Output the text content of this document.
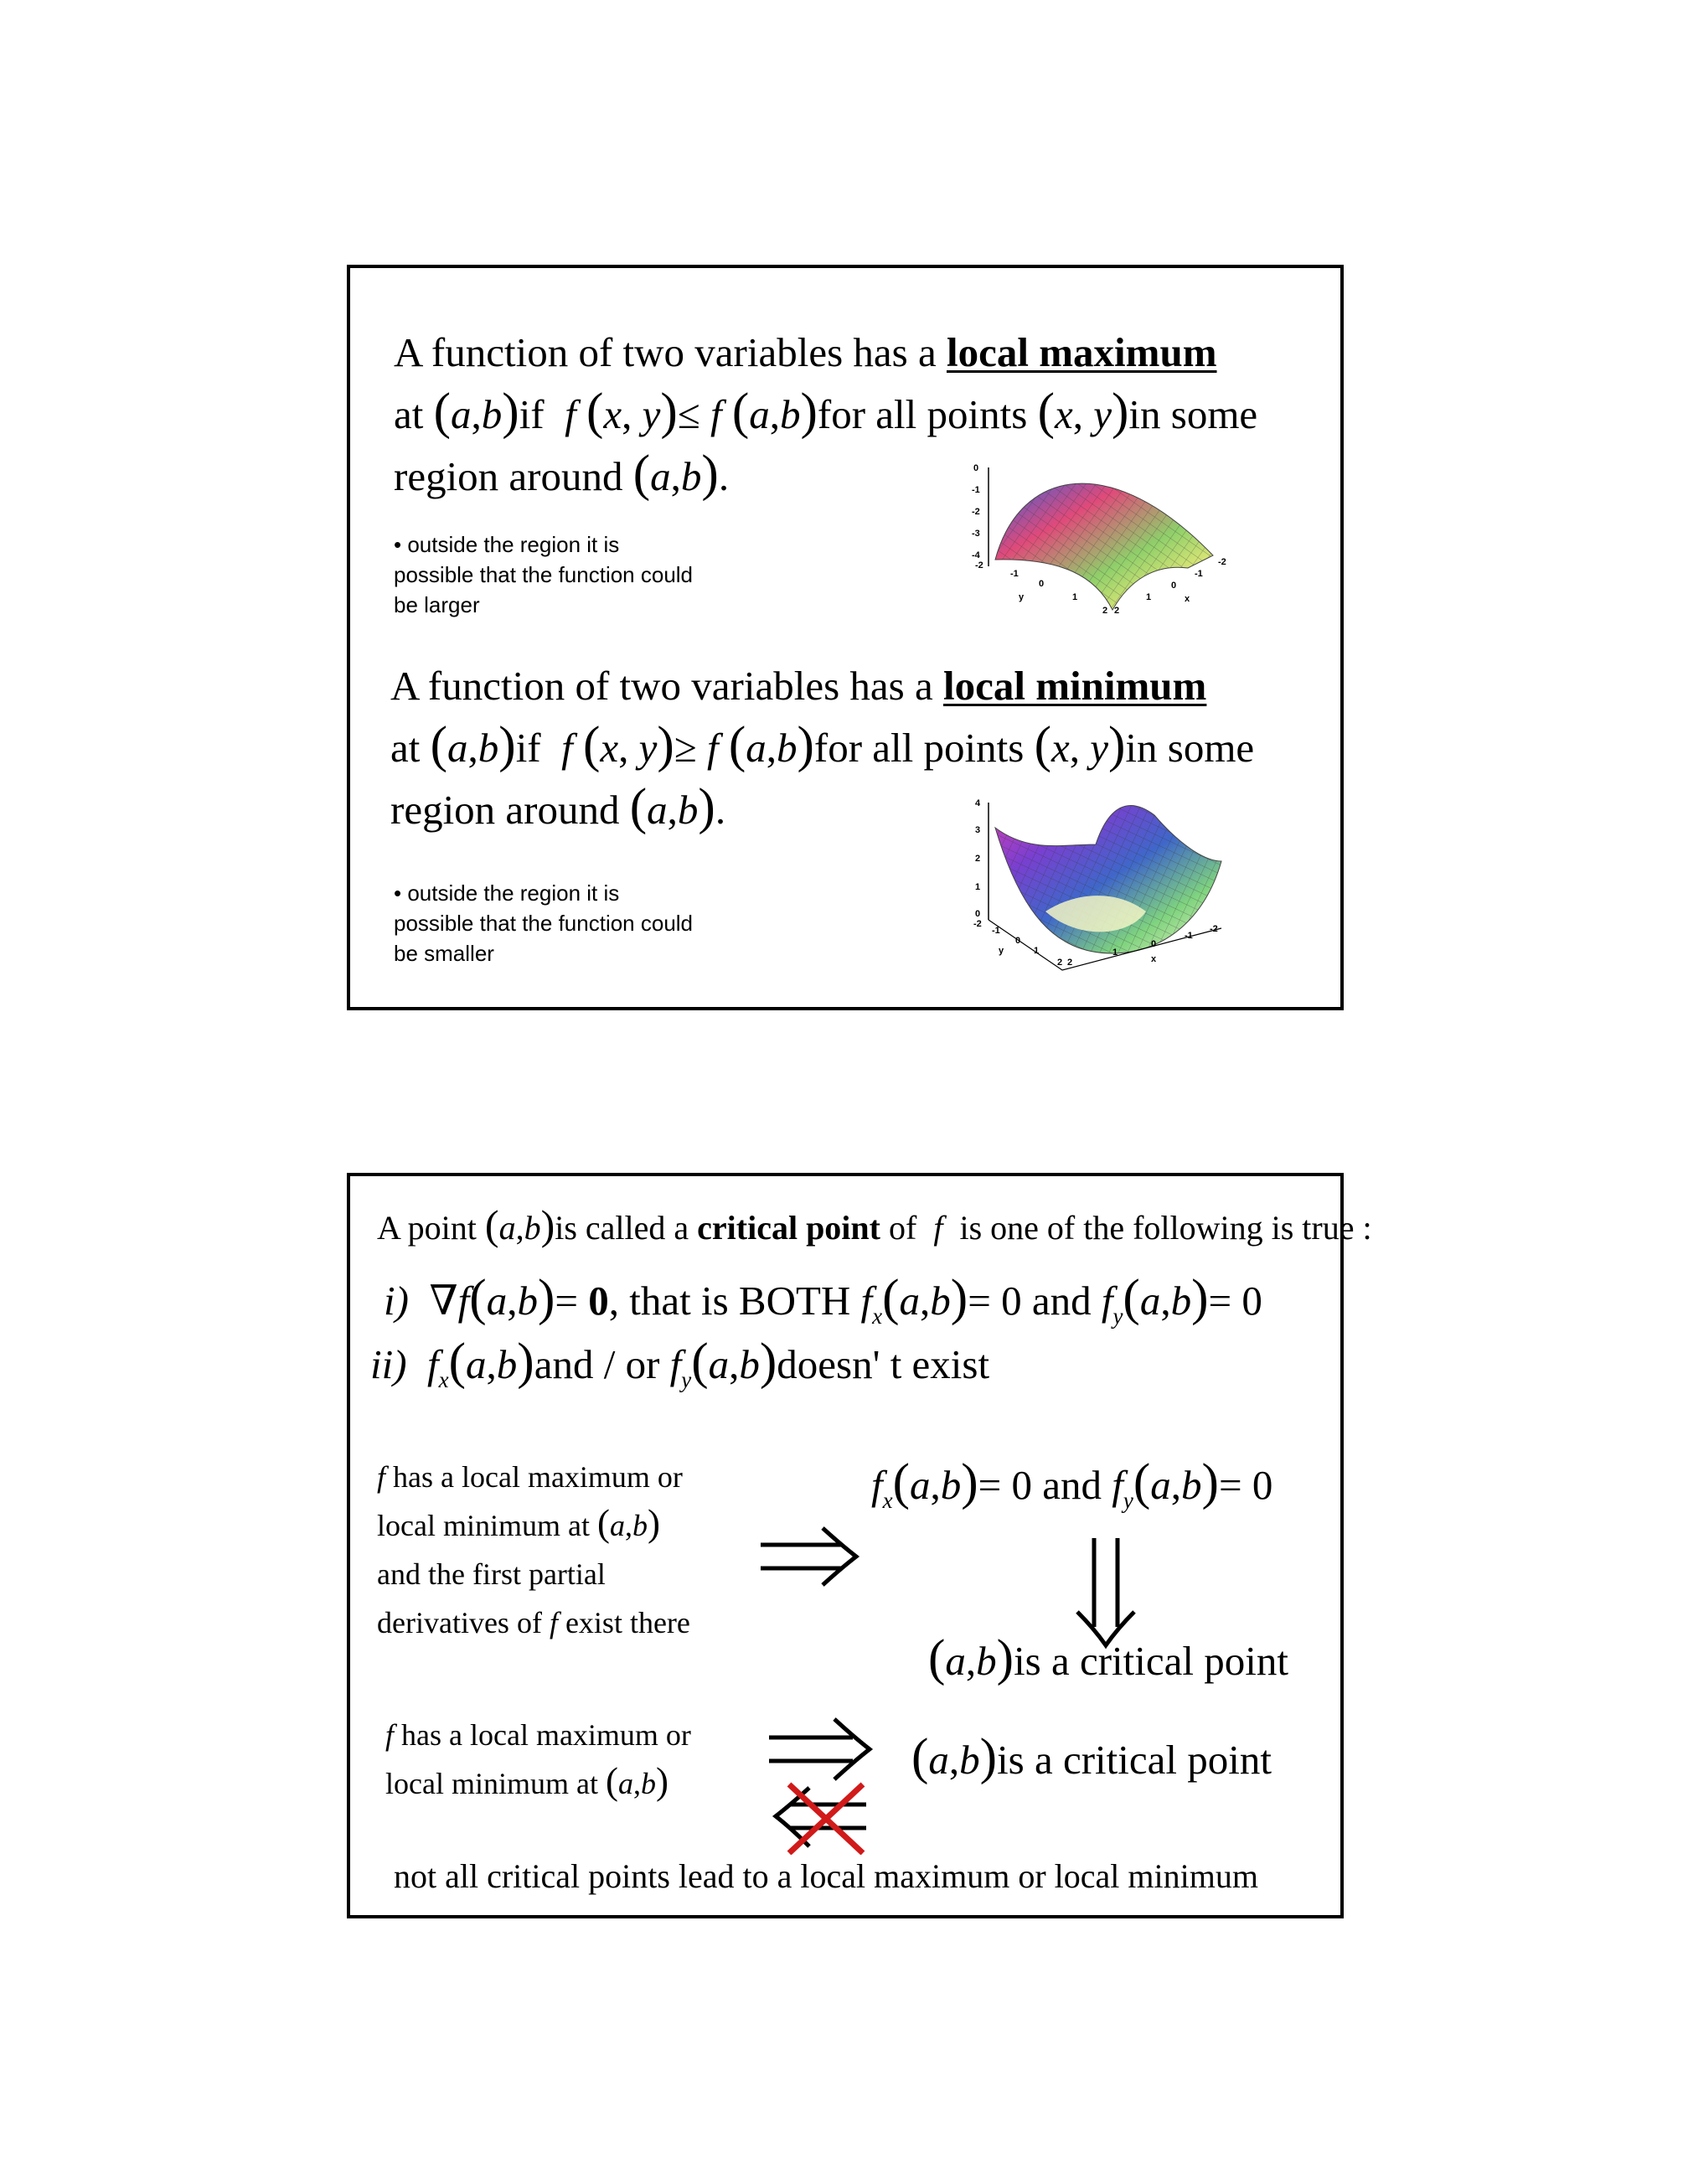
A function of two variables has a local maximum
at (a,b)if f (x, y)≤ f (a,b)for all points (x, y)in some
region around (a,b).
• outside the region it is
possible that the function could
be larger
0
-1
-2
-3
-4
-2
-1
0
1
2
y
2
1
0
-1
-2
x
A function of two variables has a local minimum
at (a,b)if f (x, y)≥ f (a,b)for all points (x, y)in some
region around (a,b).
• outside the region it is
possible that the function could
be smaller
4
3
2
1
0
-2
-1
0
1
2
y
2
1
0
-1
-2
x
A point (a,b)is called a critical point of f is one of the following is true :
i)  ∇f(a,b)= 0, that is BOTH $f_x(a,b)= 0$ and $f_y(a,b)= 0$
ii) $f_x(a,b)and$ / or $f_y(a,b)doesn'$ t exist
f has a local maximum or
local minimum at (a,b)
and the first partial
derivatives of f exist there
$f_x(a,b)= 0$ and $f_y(a,b)= 0$
(a,b)is a critical point
f has a local maximum or
local minimum at (a,b)	(a,b)is a critical point
not all critical points lead to a local maximum or local minimum
